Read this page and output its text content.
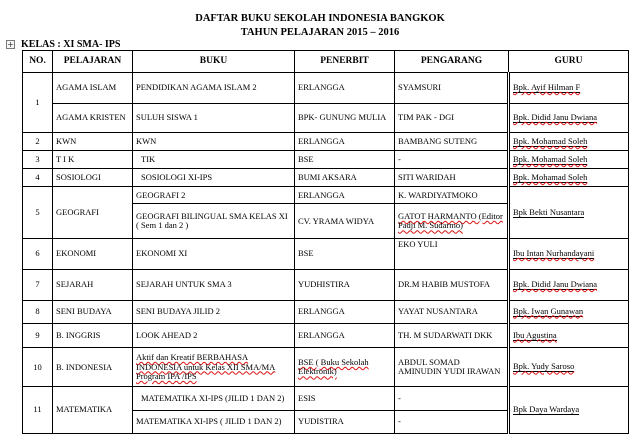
DAFTAR BUKU SEKOLAH INDONESIA BANGKOK
TAHUN PELAJARAN 2015 – 2016
+ KELAS : XI SMA- IPS
NO.	PELAJARAN	BUKU	PENERBIT	PENGARANG	GURU
1	AGAMA ISLAM	PENDIDIKAN AGAMA ISLAM 2	ERLANGGA	SYAMSURI	Bpk. Ayif Hilman F
	AGAMA KRISTEN	SULUH SISWA 1	BPK- GUNUNG MULIA	TIM PAK - DGI	Bpk. Didid Janu Dwiana
2	KWN	KWN	ERLANGGA	BAMBANG SUTENG	Bpk. Mohamad Soleh
3	T I K	TIK	BSE	-	Bpk. Mohamad Soleh
4	SOSIOLOGI	SOSIOLOGI XI-IPS	BUMI AKSARA	SITI WARIDAH	Bpk. Mohamad Soleh
5	GEOGRAFI	GEOGRAFI 2	ERLANGGA	K. WARDIYATMOKO	Bpk Bekti Nusantara
		GEOGRAFI BILINGUAL SMA KELAS XI ( Sem 1 dan 2 )	CV. YRAMA WIDYA	GATOT HARMANTO (Editor Padji M. Sudarmo)	
6	EKONOMI	EKONOMI XI	BSE	EKO YULI	Ibu Intan Nurhandayani
7	SEJARAH	SEJARAH UNTUK SMA 3	YUDHISTIRA	DR.M HABIB MUSTOFA	Bpk. Didid Janu Dwiana
8	SENI BUDAYA	SENI BUDAYA JILID 2	ERLANGGA	YAYAT NUSANTARA	Bpk. Iwan Gunawan
9	B. INGGRIS	LOOK AHEAD 2	ERLANGGA	TH. M SUDARWATI DKK	Ibu Agustina
10	B. INDONESIA	Aktif dan Kreatif BERBAHASA INDONESIA untuk Kelas XII SMA/MA Program IPA /IPS	BSE ( Buku Sekolah Elektronik)	ABDUL SOMAD AMINUDIN YUDI IRAWAN	Bpk. Yudy Saroso
11	MATEMATIKA	MATEMATIKA XI-IPS (JILID 1 DAN 2)	ESIS	-	Bpk Daya Wardaya
		MATEMATIKA XI-IPS ( JILID 1 DAN 2)	YUDISTIRA	-	
